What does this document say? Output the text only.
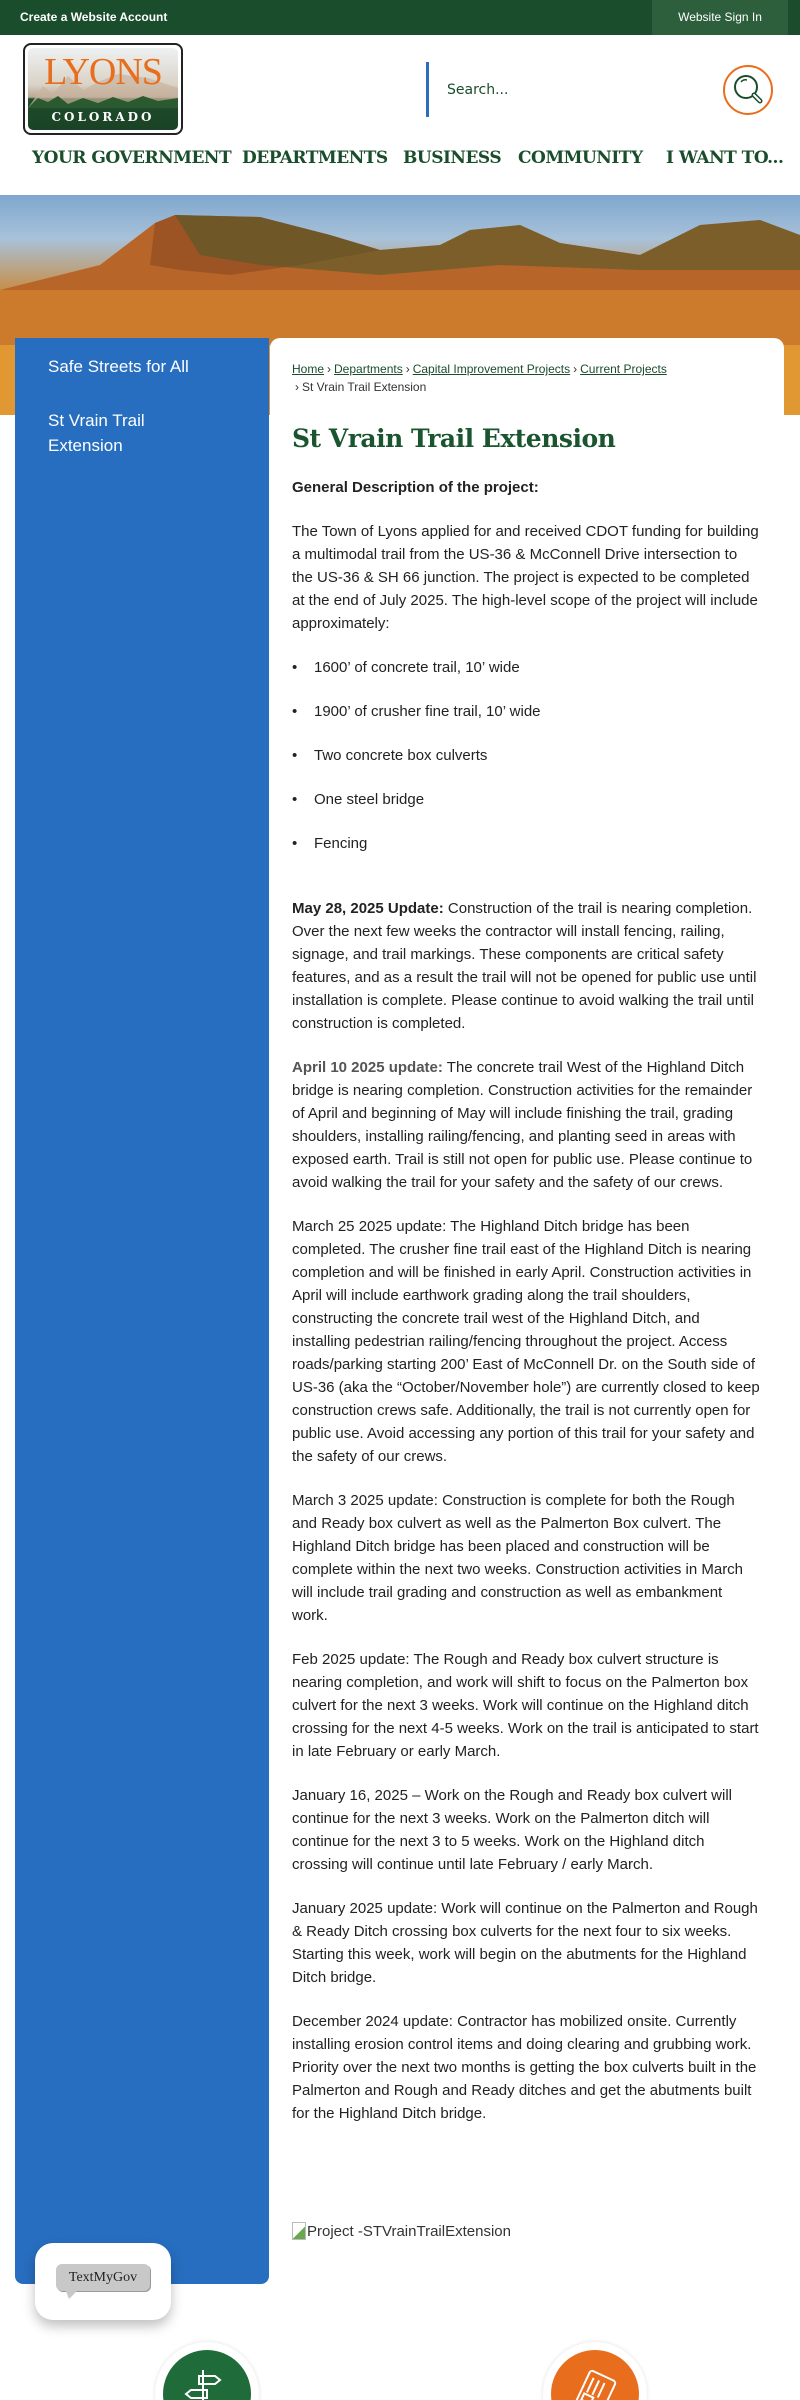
Create a Website Account	Website Sign In
LYONS
COLORADO
Search...
YOUR GOVERNMENT DEPARTMENTS BUSINESS COMMUNITY I WANT TO...
Safe Streets for All
St Vrain Trail Extension
Home › Departments › Capital Improvement Projects › Current Projects
› St Vrain Trail Extension
St Vrain Trail Extension
General Description of the project:

The Town of Lyons applied for and received CDOT funding for building a multimodal trail from the US-36 & McConnell Drive intersection to the US-36 & SH 66 junction. The project is expected to be completed at the end of July 2025. The high-level scope of the project will include approximately:

• 1600’ of concrete trail, 10’ wide
• 1900’ of crusher fine trail, 10’ wide
• Two concrete box culverts
• One steel bridge
• Fencing

May 28, 2025 Update: Construction of the trail is nearing completion. Over the next few weeks the contractor will install fencing, railing, signage, and trail markings. These components are critical safety features, and as a result the trail will not be opened for public use until installation is complete. Please continue to avoid walking the trail until construction is completed.

April 10 2025 update: The concrete trail West of the Highland Ditch bridge is nearing completion. Construction activities for the remainder of April and beginning of May will include finishing the trail, grading shoulders, installing railing/fencing, and planting seed in areas with exposed earth. Trail is still not open for public use. Please continue to avoid walking the trail for your safety and the safety of our crews.

March 25 2025 update: The Highland Ditch bridge has been completed. The crusher fine trail east of the Highland Ditch is nearing completion and will be finished in early April. Construction activities in April will include earthwork grading along the trail shoulders, constructing the concrete trail west of the Highland Ditch, and installing pedestrian railing/fencing throughout the project. Access roads/parking starting 200’ East of McConnell Dr. on the South side of US-36 (aka the “October/November hole”) are currently closed to keep construction crews safe. Additionally, the trail is not currently open for public use. Avoid accessing any portion of this trail for your safety and the safety of our crews.

March 3 2025 update: Construction is complete for both the Rough and Ready box culvert as well as the Palmerton Box culvert. The Highland Ditch bridge has been placed and construction will be complete within the next two weeks. Construction activities in March will include trail grading and construction as well as embankment work.

Feb 2025 update: The Rough and Ready box culvert structure is nearing completion, and work will shift to focus on the Palmerton box culvert for the next 3 weeks. Work will continue on the Highland ditch crossing for the next 4-5 weeks. Work on the trail is anticipated to start in late February or early March.

January 16, 2025 – Work on the Rough and Ready box culvert will continue for the next 3 weeks. Work on the Palmerton ditch will continue for the next 3 to 5 weeks. Work on the Highland ditch crossing will continue until late February / early March.

January 2025 update: Work will continue on the Palmerton and Rough & Ready Ditch crossing box culverts for the next four to six weeks. Starting this week, work will begin on the abutments for the Highland Ditch bridge.

December 2024 update: Contractor has mobilized onsite. Currently installing erosion control items and doing clearing and grubbing work. Priority over the next two months is getting the box culverts built in the Palmerton and Rough and Ready ditches and get the abutments built for the Highland Ditch bridge.

Project -STVrainTrailExtension
TextMyGov
